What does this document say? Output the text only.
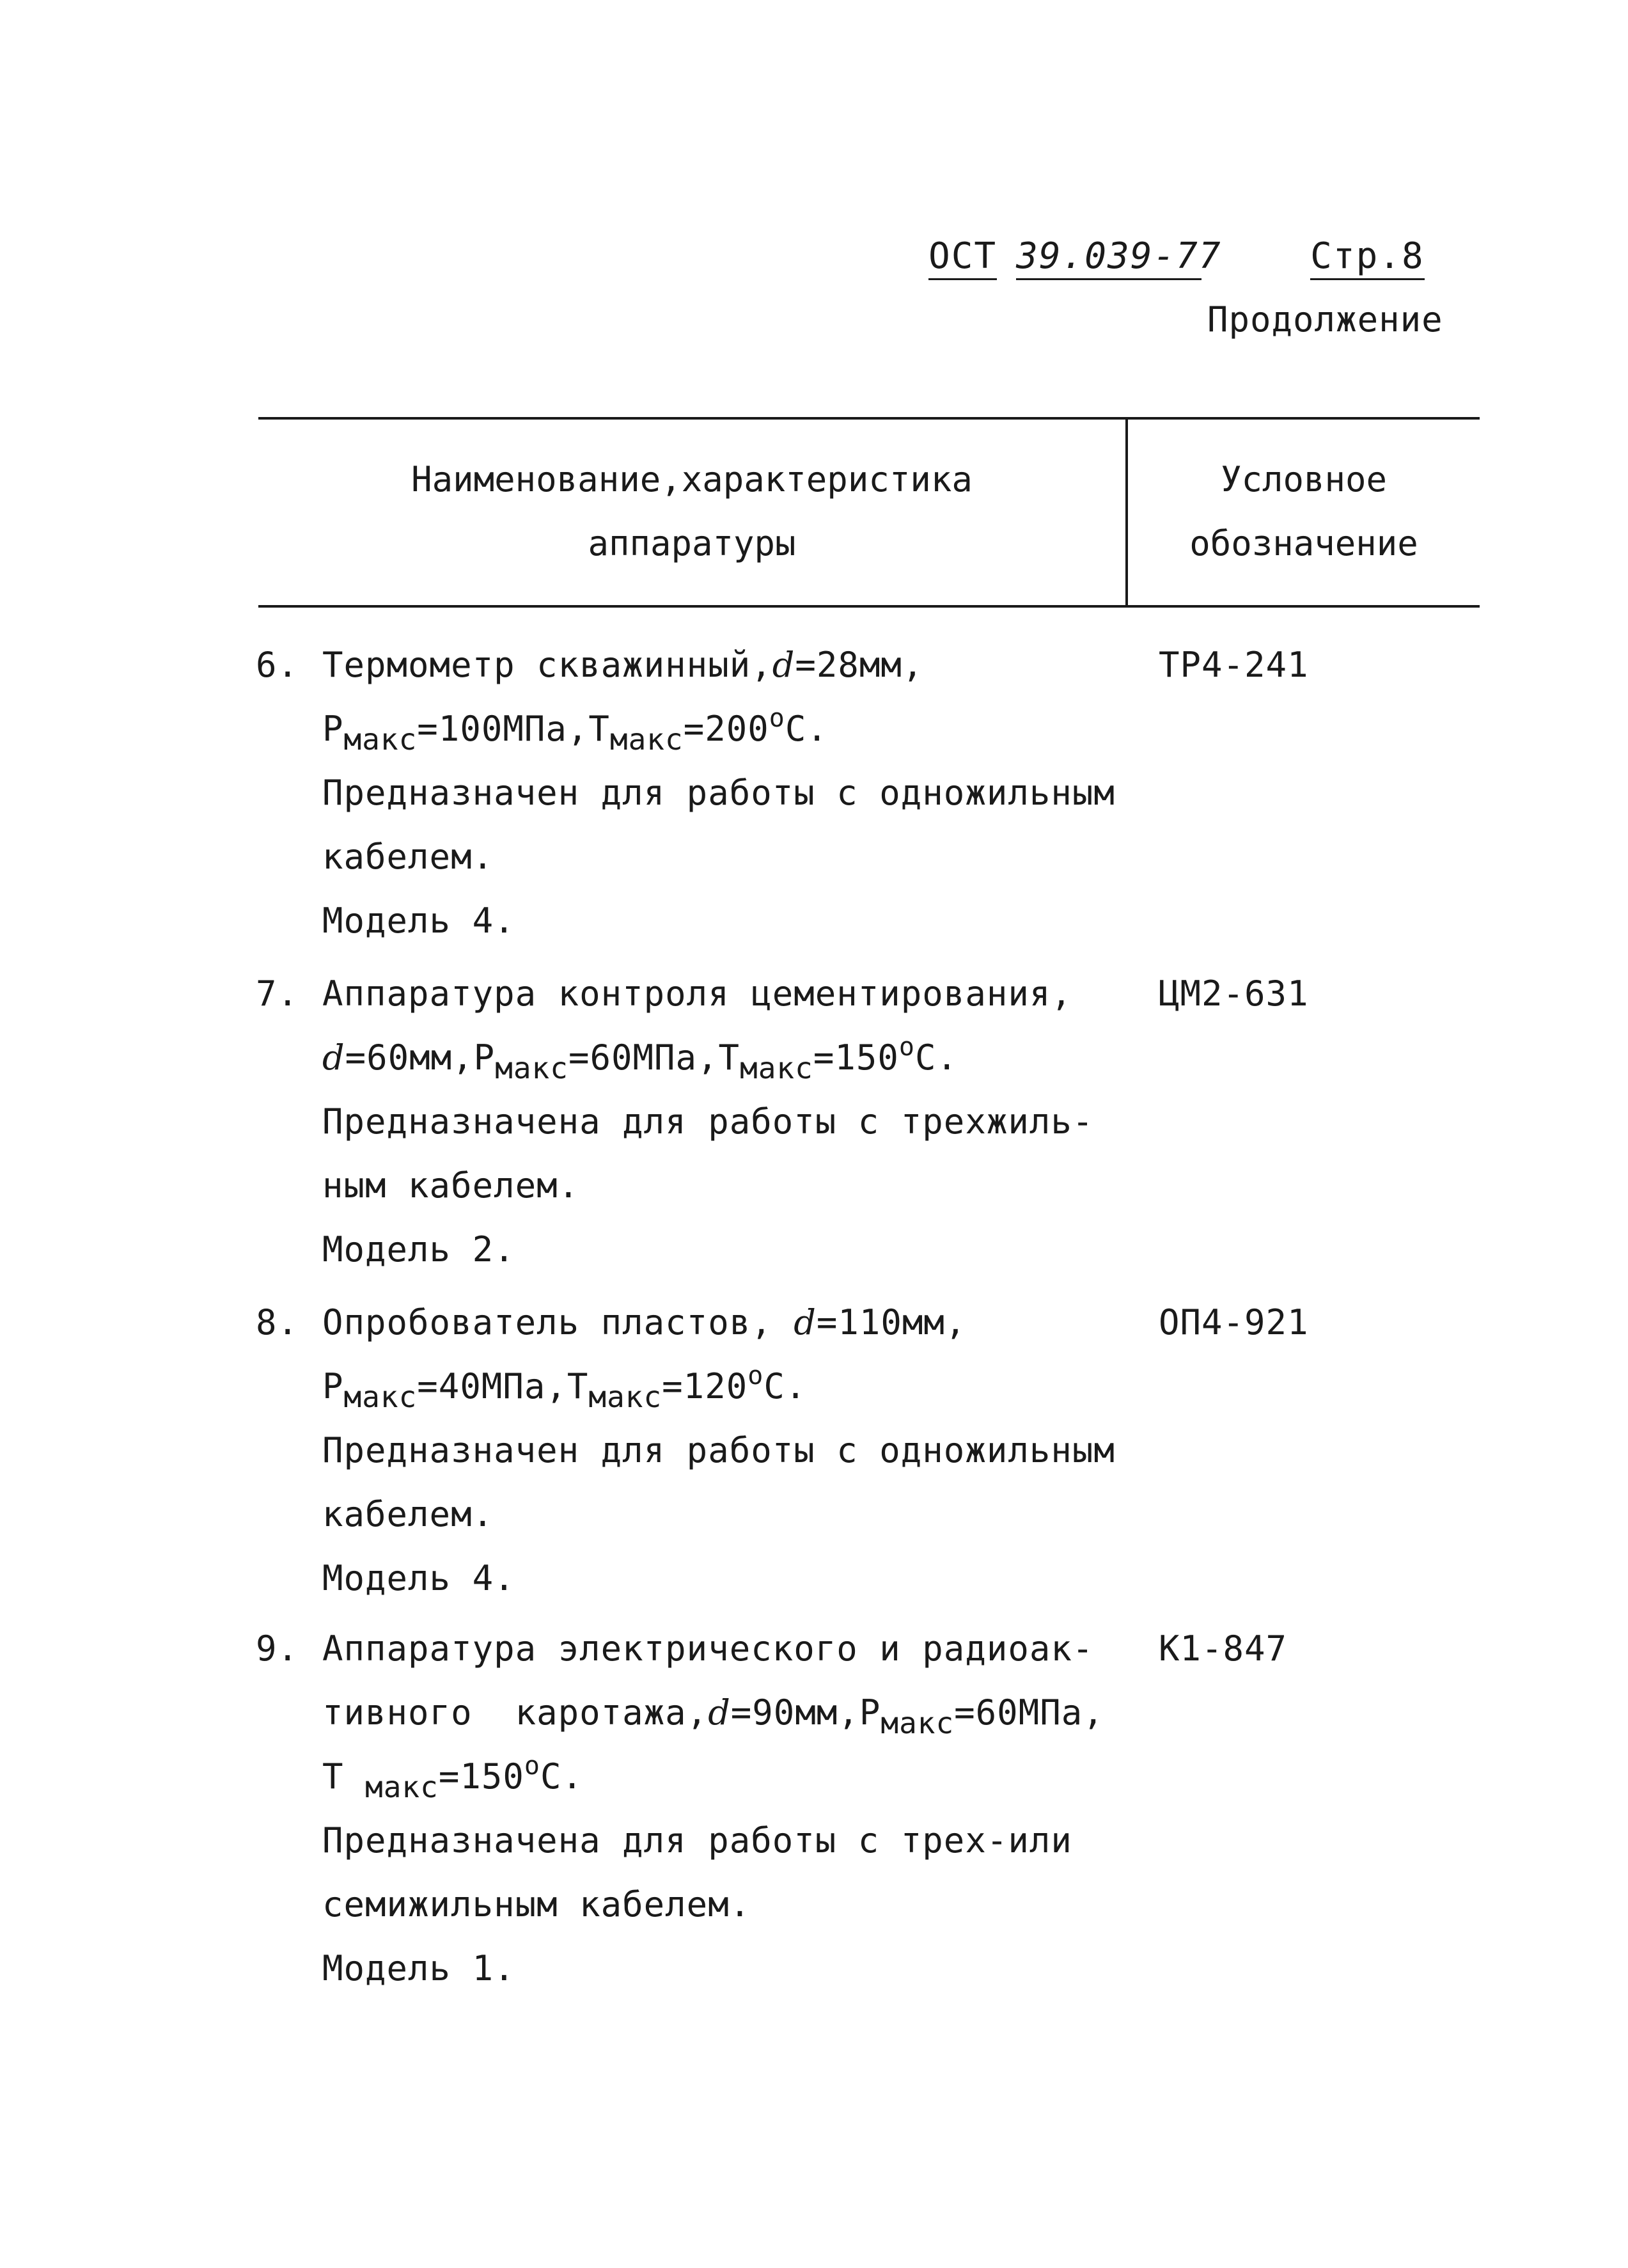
ОСТ 39.039-77 Стр.8
Продолжение
Наименование,характеристика
аппаратуры
Условное
обозначение
ТР4-241
6. Термометр скважинный,d=28мм,
$P_{макс}=100МПа,T_{макс}=200^oC$.
Предназначен для работы с одножильным
кабелем.
Модель 4.
ЦМ2-631
7. Аппаратура контроля цементирования,
$d=60мм,P_{макс}=60МПа,T_{макс}=150^oC$.
Предназначена для работы с трехжиль-
ным кабелем.
Модель 2.
ОП4-921
8. Опробователь пластов, d=110мм,
$P_{макс}=40МПа,T_{макс}=120^oC$.
Предназначен для работы с одножильным
кабелем.
Модель 4.
К1-847
9. Аппаратура электрического и радиоак-
тивного  $каротажа,d=90мм,P_{макс}=60МПа$,
T $_{макс}=150^oC$.
Предназначена для работы с трех-или
семижильным кабелем.
Модель 1.
